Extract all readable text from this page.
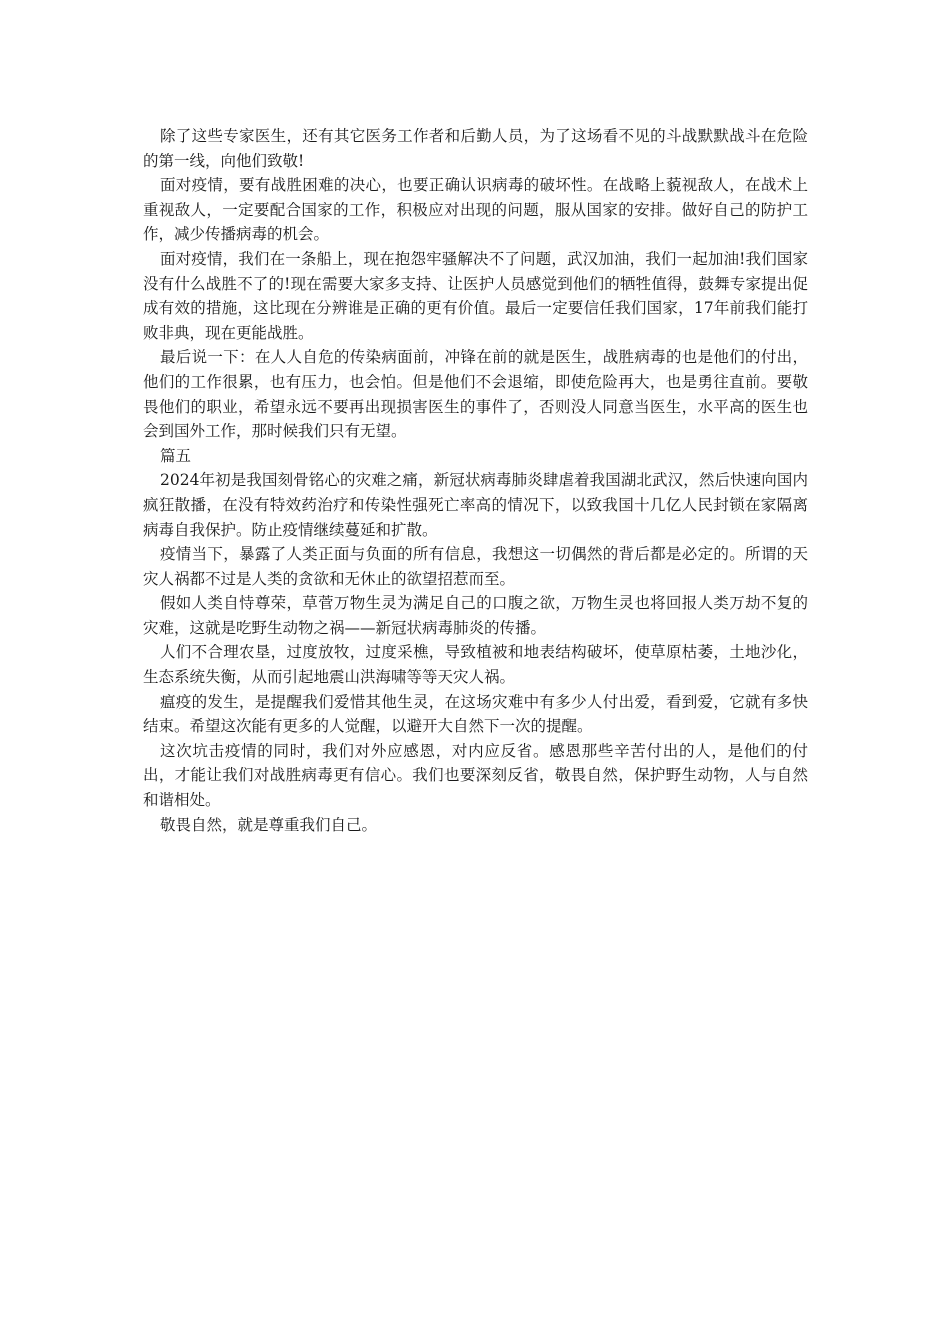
除了这些专家医生，还有其它医务工作者和后勤人员，为了这场看不见的斗战默默战斗在危险的第一线，向他们致敬!

面对疫情，要有战胜困难的决心，也要正确认识病毒的破坏性。在战略上藐视敌人，在战术上重视敌人，一定要配合国家的工作，积极应对出现的问题，服从国家的安排。做好自己的防护工作，减少传播病毒的机会。

面对疫情，我们在一条船上，现在抱怨牢骚解决不了问题，武汉加油，我们一起加油!我们国家没有什么战胜不了的!现在需要大家多支持、让医护人员感觉到他们的牺牲值得，鼓舞专家提出促成有效的措施，这比现在分辨谁是正确的更有价值。最后一定要信任我们国家，17年前我们能打败非典，现在更能战胜。

最后说一下：在人人自危的传染病面前，冲锋在前的就是医生，战胜病毒的也是他们的付出，他们的工作很累，也有压力，也会怕。但是他们不会退缩，即使危险再大，也是勇往直前。要敬畏他们的职业，希望永远不要再出现损害医生的事件了，否则没人同意当医生，水平高的医生也会到国外工作，那时候我们只有无望。

篇五

2024年初是我国刻骨铭心的灾难之痛，新冠状病毒肺炎肆虐着我国湖北武汉，然后快速向国内疯狂散播，在没有特效药治疗和传染性强死亡率高的情况下，以致我国十几亿人民封锁在家隔离病毒自我保护。防止疫情继续蔓延和扩散。

疫情当下，暴露了人类正面与负面的所有信息，我想这一切偶然的背后都是必定的。所谓的天灾人祸都不过是人类的贪欲和无休止的欲望招惹而至。

假如人类自恃尊荣，草菅万物生灵为满足自己的口腹之欲，万物生灵也将回报人类万劫不复的灾难，这就是吃野生动物之祸——新冠状病毒肺炎的传播。

人们不合理农垦，过度放牧，过度采樵，导致植被和地表结构破坏，使草原枯萎，土地沙化，生态系统失衡，从而引起地震山洪海啸等等天灾人祸。

瘟疫的发生，是提醒我们爱惜其他生灵，在这场灾难中有多少人付出爱，看到爱，它就有多快结束。希望这次能有更多的人觉醒，以避开大自然下一次的提醒。

这次坑击疫情的同时，我们对外应感恩，对内应反省。感恩那些辛苦付出的人，是他们的付出，才能让我们对战胜病毒更有信心。我们也要深刻反省，敬畏自然，保护野生动物，人与自然和谐相处。

敬畏自然，就是尊重我们自己。
